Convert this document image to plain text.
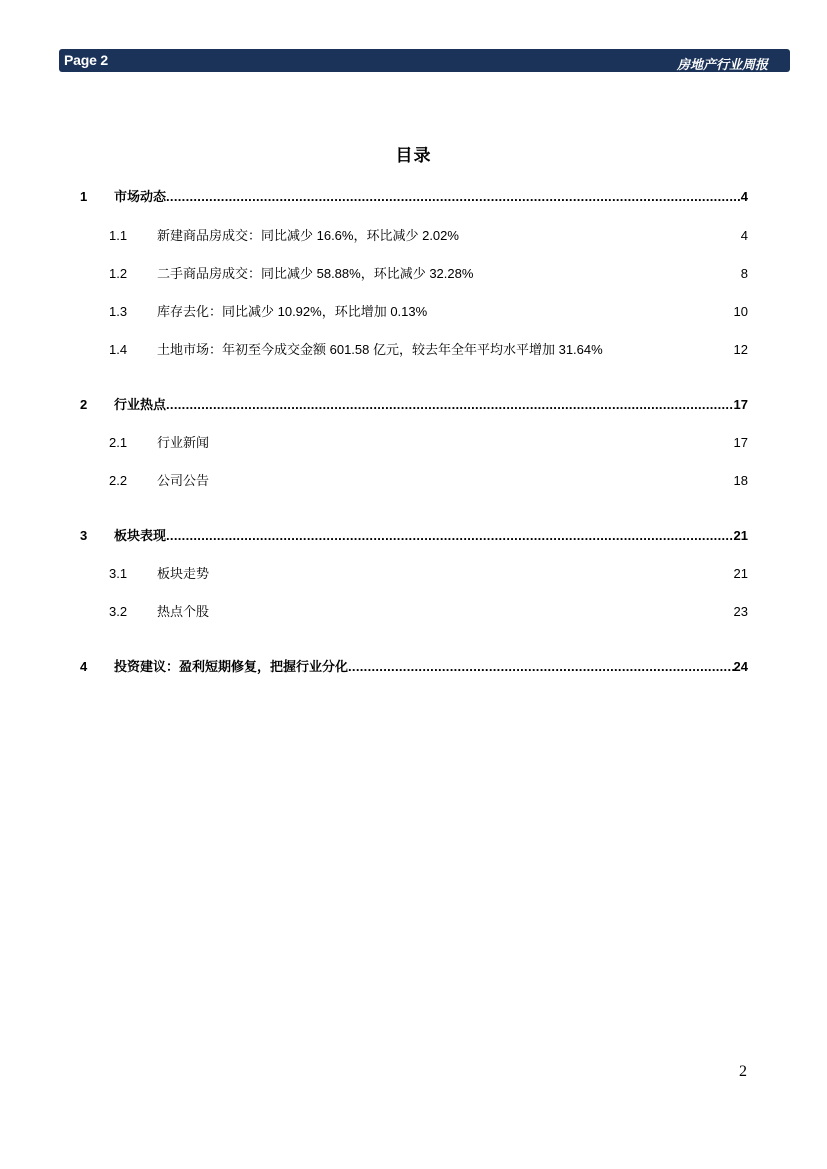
Page 2	房地产行业周报
目录
1	市场动态 .....	4
1.1 新建商品房成交：同比减少 16.6%，环比减少 2.02%	4
1.2 二手商品房成交：同比减少 58.88%，环比减少 32.28%	8
1.3 库存去化：同比减少 10.92%，环比增加 0.13%	10
1.4 土地市场：年初至今成交金额 601.58 亿元，较去年全年平均水平增加 31.64%	12
2	行业热点 .....	17
2.1 行业新闻	17
2.2 公司公告	18
3	板块表现 .....	21
3.1 板块走势	21
3.2 热点个股	23
4	投资建议：盈利短期修复，把握行业分化 .....	24
2
